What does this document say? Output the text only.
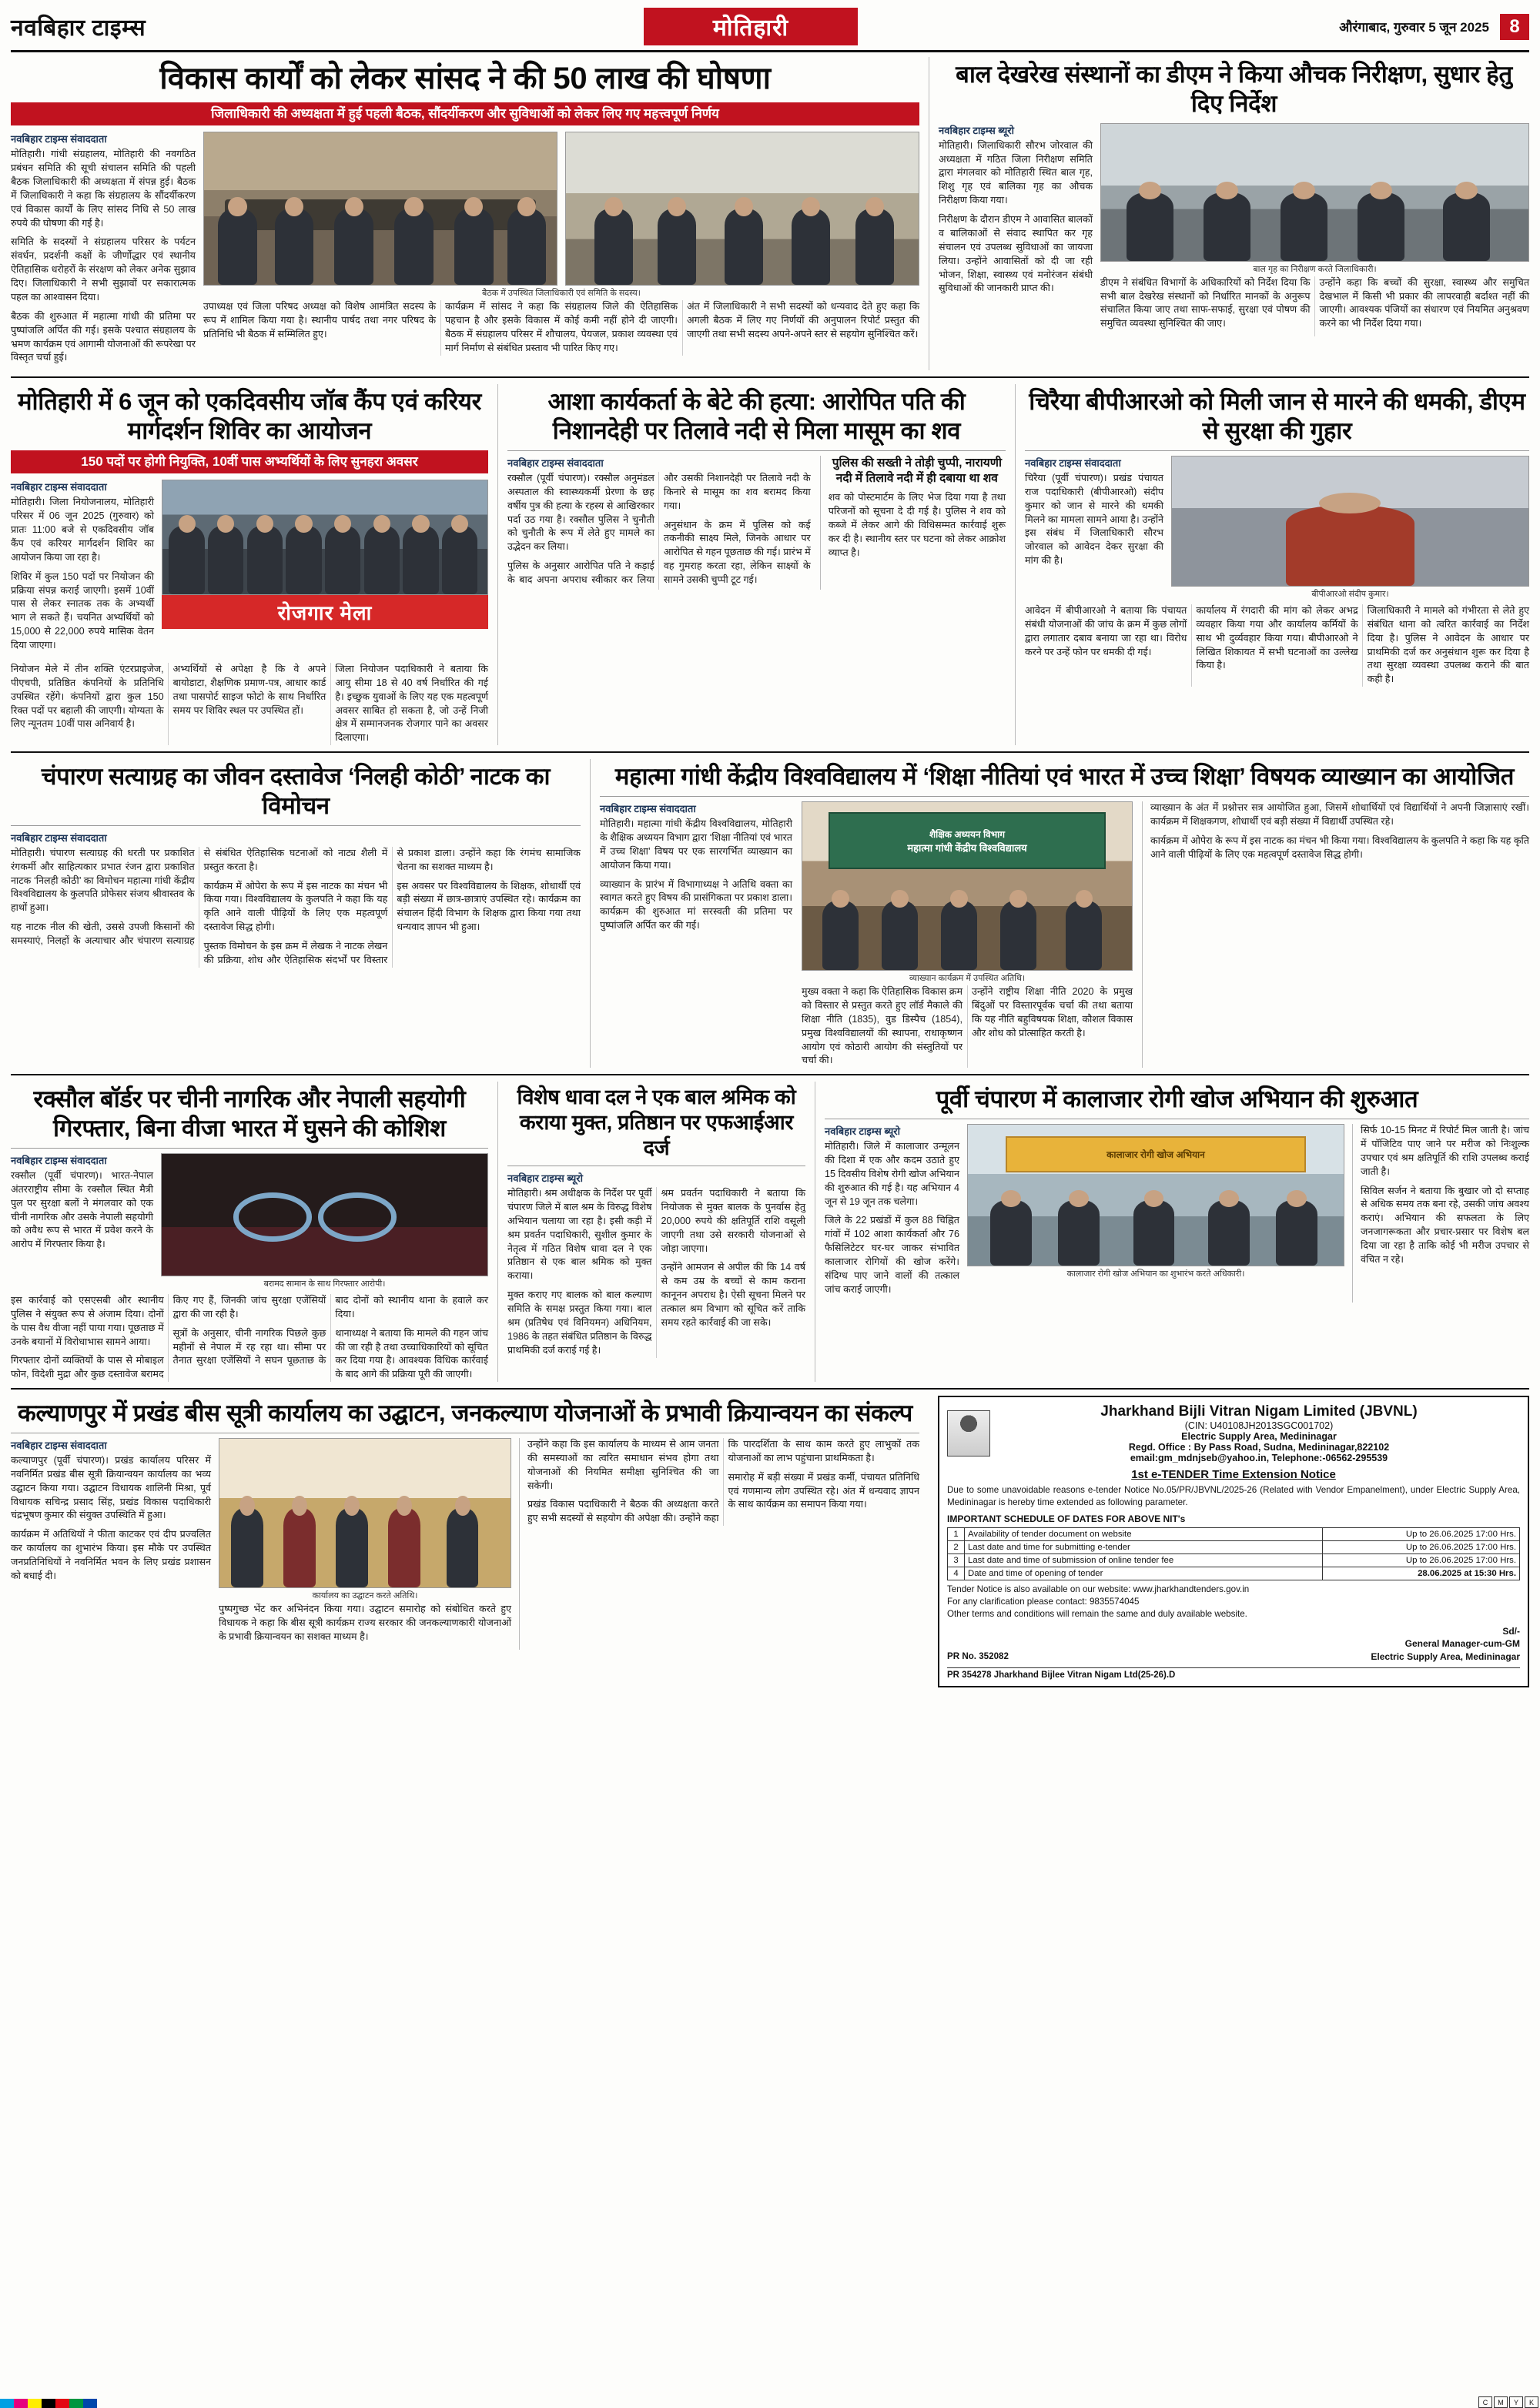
नवबिहार टाइम्स	मोतिहारी	औरंगाबाद, गुरुवार 5 जून 2025	8
विकास कार्यों को लेकर सांसद ने की 50 लाख की घोषणा
जिलाधिकारी की अध्यक्षता में हुई पहली बैठक, सौंदर्यीकरण और सुविधाओं को लेकर लिए गए महत्त्वपूर्ण निर्णय
नवबिहार टाइम्स संवाददाता

मोतिहारी। गांधी संग्रहालय, मोतिहारी की नवगठित प्रबंधन समिति की सूची संचालन समिति की पहली बैठक जिलाधिकारी की अध्यक्षता में संपन्न हुई। बैठक में जिलाधिकारी ने कहा कि संग्रहालय के सौंदर्यीकरण एवं विकास कार्यों के लिए सांसद निधि से 50 लाख रुपये की घोषणा की गई है।

समिति के सदस्यों ने संग्रहालय परिसर के पर्यटन संवर्धन, प्रदर्शनी कक्षों के जीर्णोद्धार एवं स्थानीय ऐतिहासिक धरोहरों के संरक्षण को लेकर अनेक सुझाव दिए। जिलाधिकारी ने सभी सुझावों पर सकारात्मक पहल का आश्वासन दिया।

बैठक की शुरुआत में महात्मा गांधी की प्रतिमा पर पुष्पांजलि अर्पित की गई। इसके पश्चात संग्रहालय के भ्रमण कार्यक्रम एवं आगामी योजनाओं की रूपरेखा पर विस्तृत चर्चा हुई।

बैठक में उपस्थित जिलाधिकारी एवं समिति के सदस्य।

उपाध्यक्ष एवं जिला परिषद अध्यक्ष को विशेष आमंत्रित सदस्य के रूप में शामिल किया गया है। स्थानीय पार्षद तथा नगर परिषद के प्रतिनिधि भी बैठक में सम्मिलित हुए।

कार्यक्रम में सांसद ने कहा कि संग्रहालय जिले की ऐतिहासिक पहचान है और इसके विकास में कोई कमी नहीं होने दी जाएगी। बैठक में संग्रहालय परिसर में शौचालय, पेयजल, प्रकाश व्यवस्था एवं मार्ग निर्माण से संबंधित प्रस्ताव भी पारित किए गए।

अंत में जिलाधिकारी ने सभी सदस्यों को धन्यवाद देते हुए कहा कि अगली बैठक में लिए गए निर्णयों की अनुपालन रिपोर्ट प्रस्तुत की जाएगी तथा सभी सदस्य अपने-अपने स्तर से सहयोग सुनिश्चित करें।

बाल देखरेख संस्थानों का डीएम ने किया औचक निरीक्षण, सुधार हेतु दिए निर्देश
नवबिहार टाइम्स ब्यूरो

मोतिहारी। जिलाधिकारी सौरभ जोरवाल की अध्यक्षता में गठित जिला निरीक्षण समिति द्वारा मंगलवार को मोतिहारी स्थित बाल गृह, शिशु गृह एवं बालिका गृह का औचक निरीक्षण किया गया।

निरीक्षण के दौरान डीएम ने आवासित बालकों व बालिकाओं से संवाद स्थापित कर गृह संचालन एवं उपलब्ध सुविधाओं का जायजा लिया। उन्होंने आवासितों को दी जा रही भोजन, शिक्षा, स्वास्थ्य एवं मनोरंजन संबंधी सुविधाओं की जानकारी प्राप्त की।

बाल गृह का निरीक्षण करते जिलाधिकारी।

डीएम ने संबंधित विभागों के अधिकारियों को निर्देश दिया कि सभी बाल देखरेख संस्थानों को निर्धारित मानकों के अनुरूप संचालित किया जाए तथा साफ-सफाई, सुरक्षा एवं पोषण की समुचित व्यवस्था सुनिश्चित की जाए।

उन्होंने कहा कि बच्चों की सुरक्षा, स्वास्थ्य और समुचित देखभाल में किसी भी प्रकार की लापरवाही बर्दाश्त नहीं की जाएगी। आवश्यक पंजियों का संधारण एवं नियमित अनुश्रवण करने का भी निर्देश दिया गया।

मोतिहारी में 6 जून को एकदिवसीय जॉब कैंप एवं करियर मार्गदर्शन शिविर का आयोजन
150 पदों पर होगी नियुक्ति, 10वीं पास अभ्यर्थियों के लिए सुनहरा अवसर
नवबिहार टाइम्स संवाददाता

मोतिहारी। जिला नियोजनालय, मोतिहारी परिसर में 06 जून 2025 (गुरुवार) को प्रातः 11:00 बजे से एकदिवसीय जॉब कैंप एवं करियर मार्गदर्शन शिविर का आयोजन किया जा रहा है।

शिविर में कुल 150 पदों पर नियोजन की प्रक्रिया संपन्न कराई जाएगी। इसमें 10वीं पास से लेकर स्नातक तक के अभ्यर्थी भाग ले सकते हैं। चयनित अभ्यर्थियों को 15,000 से 22,000 रुपये मासिक वेतन दिया जाएगा।

रोजगार मेला

नियोजन मेले में तीन शक्ति एंटरप्राइजेज, पीएचपी, प्रतिष्ठित कंपनियों के प्रतिनिधि उपस्थित रहेंगे। कंपनियों द्वारा कुल 150 रिक्त पदों पर बहाली की जाएगी। योग्यता के लिए न्यूनतम 10वीं पास अनिवार्य है।

अभ्यर्थियों से अपेक्षा है कि वे अपने बायोडाटा, शैक्षणिक प्रमाण-पत्र, आधार कार्ड तथा पासपोर्ट साइज फोटो के साथ निर्धारित समय पर शिविर स्थल पर उपस्थित हों।

जिला नियोजन पदाधिकारी ने बताया कि आयु सीमा 18 से 40 वर्ष निर्धारित की गई है। इच्छुक युवाओं के लिए यह एक महत्वपूर्ण अवसर साबित हो सकता है, जो उन्हें निजी क्षेत्र में सम्मानजनक रोजगार पाने का अवसर दिलाएगा।

आशा कार्यकर्ता के बेटे की हत्या: आरोपित पति की निशानदेही पर तिलावे नदी से मिला मासूम का शव
नवबिहार टाइम्स संवाददाता

रक्सौल (पूर्वी चंपारण)। रक्सौल अनुमंडल अस्पताल की स्वास्थ्यकर्मी प्रेरणा के छह वर्षीय पुत्र की हत्या के रहस्य से आखिरकार पर्दा उठ गया है। रक्सौल पुलिस ने चुनौती को चुनौती के रूप में लेते हुए मामले का उद्भेदन कर लिया।

पुलिस के अनुसार आरोपित पति ने कड़ाई के बाद अपना अपराध स्वीकार कर लिया और उसकी निशानदेही पर तिलावे नदी के किनारे से मासूम का शव बरामद किया गया।

अनुसंधान के क्रम में पुलिस को कई तकनीकी साक्ष्य मिले, जिनके आधार पर आरोपित से गहन पूछताछ की गई। प्रारंभ में वह गुमराह करता रहा, लेकिन साक्ष्यों के सामने उसकी चुप्पी टूट गई।

पुलिस की सख्ती ने तोड़ी चुप्पी, नारायणी नदी में तिलावे नदी में ही दबाया था शव

शव को पोस्टमार्टम के लिए भेज दिया गया है तथा परिजनों को सूचना दे दी गई है। पुलिस ने शव को कब्जे में लेकर आगे की विधिसम्मत कार्रवाई शुरू कर दी है। स्थानीय स्तर पर घटना को लेकर आक्रोश व्याप्त है।

चिरैया बीपीआरओ को मिली जान से मारने की धमकी, डीएम से सुरक्षा की गुहार
नवबिहार टाइम्स संवाददाता

चिरैया (पूर्वी चंपारण)। प्रखंड पंचायत राज पदाधिकारी (बीपीआरओ) संदीप कुमार को जान से मारने की धमकी मिलने का मामला सामने आया है। उन्होंने इस संबंध में जिलाधिकारी सौरभ जोरवाल को आवेदन देकर सुरक्षा की मांग की है।

बीपीआरओ संदीप कुमार।

आवेदन में बीपीआरओ ने बताया कि पंचायत संबंधी योजनाओं की जांच के क्रम में कुछ लोगों द्वारा लगातार दबाव बनाया जा रहा था। विरोध करने पर उन्हें फोन पर धमकी दी गई।

कार्यालय में रंगदारी की मांग को लेकर अभद्र व्यवहार किया गया और कार्यालय कर्मियों के साथ भी दुर्व्यवहार किया गया। बीपीआरओ ने लिखित शिकायत में सभी घटनाओं का उल्लेख किया है।

जिलाधिकारी ने मामले को गंभीरता से लेते हुए संबंधित थाना को त्वरित कार्रवाई का निर्देश दिया है। पुलिस ने आवेदन के आधार पर प्राथमिकी दर्ज कर अनुसंधान शुरू कर दिया है तथा सुरक्षा व्यवस्था उपलब्ध कराने की बात कही है।

चंपारण सत्याग्रह का जीवन दस्तावेज ‘निलही कोठी’ नाटक का विमोचन
नवबिहार टाइम्स संवाददाता

मोतिहारी। चंपारण सत्याग्रह की धरती पर प्रकाशित रंगकर्मी और साहित्यकार प्रभात रंजन द्वारा प्रकाशित नाटक ‘निलही कोठी’ का विमोचन महात्मा गांधी केंद्रीय विश्वविद्यालय के कुलपति प्रोफेसर संजय श्रीवास्तव के हाथों हुआ।

यह नाटक नील की खेती, उससे उपजी किसानों की समस्याएं, निलहों के अत्याचार और चंपारण सत्याग्रह से संबंधित ऐतिहासिक घटनाओं को नाट्य शैली में प्रस्तुत करता है।

कार्यक्रम में ओपेरा के रूप में इस नाटक का मंचन भी किया गया। विश्वविद्यालय के कुलपति ने कहा कि यह कृति आने वाली पीढ़ियों के लिए एक महत्वपूर्ण दस्तावेज सिद्ध होगी।

पुस्तक विमोचन के इस क्रम में लेखक ने नाटक लेखन की प्रक्रिया, शोध और ऐतिहासिक संदर्भों पर विस्तार से प्रकाश डाला। उन्होंने कहा कि रंगमंच सामाजिक चेतना का सशक्त माध्यम है।

इस अवसर पर विश्वविद्यालय के शिक्षक, शोधार्थी एवं बड़ी संख्या में छात्र-छात्राएं उपस्थित रहे। कार्यक्रम का संचालन हिंदी विभाग के शिक्षक द्वारा किया गया तथा धन्यवाद ज्ञापन भी हुआ।

महात्मा गांधी केंद्रीय विश्वविद्यालय में ‘शिक्षा नीतियां एवं भारत में उच्च शिक्षा’ विषयक व्याख्यान का आयोजित
नवबिहार टाइम्स संवाददाता

मोतिहारी। महात्मा गांधी केंद्रीय विश्वविद्यालय, मोतिहारी के शैक्षिक अध्ययन विभाग द्वारा ‘शिक्षा नीतियां एवं भारत में उच्च शिक्षा’ विषय पर एक सारगर्भित व्याख्यान का आयोजन किया गया।

व्याख्यान के प्रारंभ में विभागाध्यक्ष ने अतिथि वक्ता का स्वागत करते हुए विषय की प्रासंगिकता पर प्रकाश डाला। कार्यक्रम की शुरुआत मां सरस्वती की प्रतिमा पर पुष्पांजलि अर्पित कर की गई।

शैक्षिक अध्ययन विभाग
महात्मा गांधी केंद्रीय विश्वविद्यालय
व्याख्यान कार्यक्रम में उपस्थित अतिथि।

मुख्य वक्ता ने कहा कि ऐतिहासिक विकास क्रम को विस्तार से प्रस्तुत करते हुए लॉर्ड मैकाले की शिक्षा नीति (1835), वुड डिस्पैच (1854), प्रमुख विश्वविद्यालयों की स्थापना, राधाकृष्णन आयोग एवं कोठारी आयोग की संस्तुतियों पर चर्चा की।

उन्होंने राष्ट्रीय शिक्षा नीति 2020 के प्रमुख बिंदुओं पर विस्तारपूर्वक चर्चा की तथा बताया कि यह नीति बहुविषयक शिक्षा, कौशल विकास और शोध को प्रोत्साहित करती है।

व्याख्यान के अंत में प्रश्नोत्तर सत्र आयोजित हुआ, जिसमें शोधार्थियों एवं विद्यार्थियों ने अपनी जिज्ञासाएं रखीं। कार्यक्रम में शिक्षकगण, शोधार्थी एवं बड़ी संख्या में विद्यार्थी उपस्थित रहे।

कार्यक्रम में ओपेरा के रूप में इस नाटक का मंचन भी किया गया। विश्वविद्यालय के कुलपति ने कहा कि यह कृति आने वाली पीढ़ियों के लिए एक महत्वपूर्ण दस्तावेज सिद्ध होगी।

रक्सौल बॉर्डर पर चीनी नागरिक और नेपाली सहयोगी गिरफ्तार, बिना वीजा भारत में घुसने की कोशिश
नवबिहार टाइम्स संवाददाता

रक्सौल (पूर्वी चंपारण)। भारत-नेपाल अंतरराष्ट्रीय सीमा के रक्सौल स्थित मैत्री पुल पर सुरक्षा बलों ने मंगलवार को एक चीनी नागरिक और उसके नेपाली सहयोगी को अवैध रूप से भारत में प्रवेश करने के आरोप में गिरफ्तार किया है।

बरामद सामान के साथ गिरफ्तार आरोपी।

इस कार्रवाई को एसएसबी और स्थानीय पुलिस ने संयुक्त रूप से अंजाम दिया। दोनों के पास वैध वीजा नहीं पाया गया। पूछताछ में उनके बयानों में विरोधाभास सामने आया।

गिरफ्तार दोनों व्यक्तियों के पास से मोबाइल फोन, विदेशी मुद्रा और कुछ दस्तावेज बरामद किए गए हैं, जिनकी जांच सुरक्षा एजेंसियों द्वारा की जा रही है।

सूत्रों के अनुसार, चीनी नागरिक पिछले कुछ महीनों से नेपाल में रह रहा था। सीमा पर तैनात सुरक्षा एजेंसियों ने सघन पूछताछ के बाद दोनों को स्थानीय थाना के हवाले कर दिया।

थानाध्यक्ष ने बताया कि मामले की गहन जांच की जा रही है तथा उच्चाधिकारियों को सूचित कर दिया गया है। आवश्यक विधिक कार्रवाई के बाद आगे की प्रक्रिया पूरी की जाएगी।

विशेष धावा दल ने एक बाल श्रमिक को कराया मुक्त, प्रतिष्ठान पर एफआईआर दर्ज
नवबिहार टाइम्स ब्यूरो

मोतिहारी। श्रम अधीक्षक के निर्देश पर पूर्वी चंपारण जिले में बाल श्रम के विरुद्ध विशेष अभियान चलाया जा रहा है। इसी कड़ी में श्रम प्रवर्तन पदाधिकारी, सुशील कुमार के नेतृत्व में गठित विशेष धावा दल ने एक प्रतिष्ठान से एक बाल श्रमिक को मुक्त कराया।

मुक्त कराए गए बालक को बाल कल्याण समिति के समक्ष प्रस्तुत किया गया। बाल श्रम (प्रतिषेध एवं विनियमन) अधिनियम, 1986 के तहत संबंधित प्रतिष्ठान के विरुद्ध प्राथमिकी दर्ज कराई गई है।

श्रम प्रवर्तन पदाधिकारी ने बताया कि नियोजक से मुक्त बालक के पुनर्वास हेतु 20,000 रुपये की क्षतिपूर्ति राशि वसूली जाएगी तथा उसे सरकारी योजनाओं से जोड़ा जाएगा।

उन्होंने आमजन से अपील की कि 14 वर्ष से कम उम्र के बच्चों से काम कराना कानूनन अपराध है। ऐसी सूचना मिलने पर तत्काल श्रम विभाग को सूचित करें ताकि समय रहते कार्रवाई की जा सके।

पूर्वी चंपारण में कालाजार रोगी खोज अभियान की शुरुआत
नवबिहार टाइम्स ब्यूरो

मोतिहारी। जिले में कालाजार उन्मूलन की दिशा में एक और कदम उठाते हुए 15 दिवसीय विशेष रोगी खोज अभियान की शुरुआत की गई है। यह अभियान 4 जून से 19 जून तक चलेगा।

जिले के 22 प्रखंडों में कुल 88 चिह्नित गांवों में 102 आशा कार्यकर्ता और 76 फैसिलिटेटर घर-घर जाकर संभावित कालाजार रोगियों की खोज करेंगे। संदिग्ध पाए जाने वालों की तत्काल जांच कराई जाएगी।

कालाजार रोगी खोज अभियान
कालाजार रोगी खोज अभियान का शुभारंभ करते अधिकारी।

सिर्फ 10-15 मिनट में रिपोर्ट मिल जाती है। जांच में पॉजिटिव पाए जाने पर मरीज को निःशुल्क उपचार एवं श्रम क्षतिपूर्ति की राशि उपलब्ध कराई जाती है।

सिविल सर्जन ने बताया कि बुखार जो दो सप्ताह से अधिक समय तक बना रहे, उसकी जांच अवश्य कराएं। अभियान की सफलता के लिए जनजागरूकता और प्रचार-प्रसार पर विशेष बल दिया जा रहा है ताकि कोई भी मरीज उपचार से वंचित न रहे।

कल्याणपुर में प्रखंड बीस सूत्री कार्यालय का उद्घाटन, जनकल्याण योजनाओं के प्रभावी क्रियान्वयन का संकल्प
नवबिहार टाइम्स संवाददाता

कल्याणपुर (पूर्वी चंपारण)। प्रखंड कार्यालय परिसर में नवनिर्मित प्रखंड बीस सूत्री क्रियान्वयन कार्यालय का भव्य उद्घाटन किया गया। उद्घाटन विधायक शालिनी मिश्रा, पूर्व विधायक सचिन्द्र प्रसाद सिंह, प्रखंड विकास पदाधिकारी चंद्रभूषण कुमार की संयुक्त उपस्थिति में हुआ।

कार्यक्रम में अतिथियों ने फीता काटकर एवं दीप प्रज्वलित कर कार्यालय का शुभारंभ किया। इस मौके पर उपस्थित जनप्रतिनिधियों ने नवनिर्मित भवन के लिए प्रखंड प्रशासन को बधाई दी।

कार्यालय का उद्घाटन करते अतिथि।

पुष्पगुच्छ भेंट कर अभिनंदन किया गया। उद्घाटन समारोह को संबोधित करते हुए विधायक ने कहा कि बीस सूत्री कार्यक्रम राज्य सरकार की जनकल्याणकारी योजनाओं के प्रभावी क्रियान्वयन का सशक्त माध्यम है।

उन्होंने कहा कि इस कार्यालय के माध्यम से आम जनता की समस्याओं का त्वरित समाधान संभव होगा तथा योजनाओं की नियमित समीक्षा सुनिश्चित की जा सकेगी।

प्रखंड विकास पदाधिकारी ने बैठक की अध्यक्षता करते हुए सभी सदस्यों से सहयोग की अपेक्षा की। उन्होंने कहा कि पारदर्शिता के साथ काम करते हुए लाभुकों तक योजनाओं का लाभ पहुंचाना प्राथमिकता है।

समारोह में बड़ी संख्या में प्रखंड कर्मी, पंचायत प्रतिनिधि एवं गणमान्य लोग उपस्थित रहे। अंत में धन्यवाद ज्ञापन के साथ कार्यक्रम का समापन किया गया।

Jharkhand Bijli Vitran Nigam Limited (JBVNL)
(CIN: U40108JH2013SGC001702)
Electric Supply Area, Medininagar
Regd. Office : By Pass Road, Sudna, Medininagar,822102
email:gm_mdnjseb@yahoo.in, Telephone:-06562-295539
1st e-TENDER Time Extension Notice
Due to some unavoidable reasons e-tender Notice No.05/PR/JBVNL/2025-26 (Related with Vendor Empanelment), under Electric Supply Area, Medininagar is hereby time extended as following parameter.
IMPORTANT SCHEDULE OF DATES FOR ABOVE NIT's
1	Availability of tender document on website	Up to 26.06.2025 17:00 Hrs.
2	Last date and time for submitting e-tender	Up to 26.06.2025 17:00 Hrs.
3	Last date and time of submission of online tender fee	Up to 26.06.2025 17:00 Hrs.
4	Date and time of opening of tender	28.06.2025 at 15:30 Hrs.
Tender Notice is also available on our website: www.jharkhandtenders.gov.in
For any clarification please contact: 9835574045
Other terms and conditions will remain the same and duly available website.
PR No. 352082
Sd/-
General Manager-cum-GM
Electric Supply Area, Medininagar
PR 354278 Jharkhand Bijlee Vitran Nigam Ltd(25-26).D
C	M	Y	K
